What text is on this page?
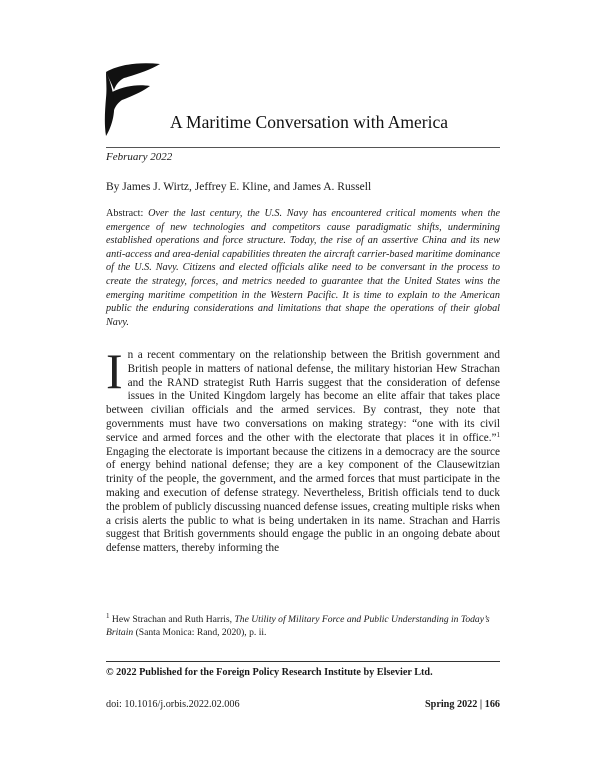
A Maritime Conversation with America
February 2022
By James J. Wirtz, Jeffrey E. Kline, and James A. Russell

Abstract: Over the last century, the U.S. Navy has encountered critical moments when the emergence of new technologies and competitors cause paradigmatic shifts, undermining established operations and force structure. Today, the rise of an assertive China and its new anti-access and area-denial capabilities threaten the aircraft carrier-based maritime dominance of the U.S. Navy. Citizens and elected officials alike need to be conversant in the process to create the strategy, forces, and metrics needed to guarantee that the United States wins the emerging maritime competition in the Western Pacific. It is time to explain to the American public the enduring considerations and limitations that shape the operations of their global Navy.

In a recent commentary on the relationship between the British government and British people in matters of national defense, the military historian Hew Strachan and the RAND strategist Ruth Harris suggest that the consideration of defense issues in the United Kingdom largely has become an elite affair that takes place between civilian officials and the armed services. By contrast, they note that governments must have two conversations on making strategy: “one with its civil service and armed forces and the other with the electorate that places it in office.”$^1$ Engaging the electorate is important because the citizens in a democracy are the source of energy behind national defense; they are a key component of the Clausewitzian trinity of the people, the government, and the armed forces that must participate in the making and execution of defense strategy. Nevertheless, British officials tend to duck the problem of publicly discussing nuanced defense issues, creating multiple risks when a crisis alerts the public to what is being undertaken in its name. Strachan and Harris suggest that British governments should engage the public in an ongoing debate about defense matters, thereby informing the

$^1$ Hew Strachan and Ruth Harris, The Utility of Military Force and Public Understanding in Today’s Britain (Santa Monica: Rand, 2020), p. ii.

© 2022 Published for the Foreign Policy Research Institute by Elsevier Ltd.
doi: 10.1016/j.orbis.2022.02.006	Spring 2022 | 166
